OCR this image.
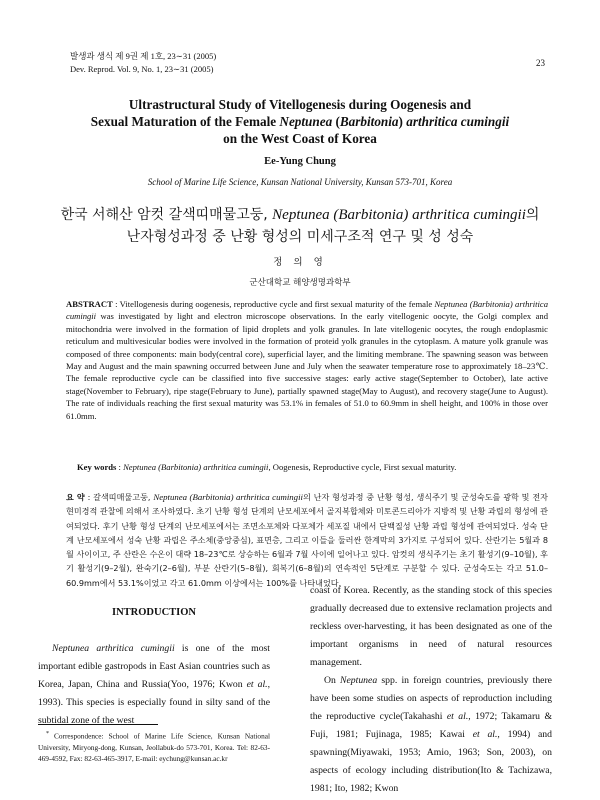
발생과 생식 제 9권 제 1호, 23∼31 (2005)
Dev. Reprod. Vol. 9, No. 1, 23∼31 (2005)
23
Ultrastructural Study of Vitellogenesis during Oogenesis and
Sexual Maturation of the Female Neptunea (Barbitonia) arthritica cumingii
on the West Coast of Korea
Ee-Yung Chung
School of Marine Life Science, Kunsan National University, Kunsan 573-701, Korea
한국 서해산 암컷 갈색띠매물고둥, Neptunea (Barbitonia) arthritica cumingii의
난자형성과정 중 난황 형성의 미세구조적 연구 및 성 성숙
정 의 영
군산대학교 해양생명과학부
ABSTRACT : Vitellogenesis during oogenesis, reproductive cycle and first sexual maturity of the female Neptunea (Barbitonia) arthritica cumingii was investigated by light and electron microscope observations. In the early vitellogenic oocyte, the Golgi complex and mitochondria were involved in the formation of lipid droplets and yolk granules. In late vitellogenic oocytes, the rough endoplasmic reticulum and multivesicular bodies were involved in the formation of proteid yolk granules in the cytoplasm. A mature yolk granule was composed of three components: main body(central core), superficial layer, and the limiting membrane. The spawning season was between May and August and the main spawning occurred between June and July when the seawater temperature rose to approximately 18–23℃. The female reproductive cycle can be classified into five successive stages: early active stage(September to October), late active stage(November to February), ripe stage(February to June), partially spawned stage(May to August), and recovery stage(June to August). The rate of individuals reaching the first sexual maturity was 53.1% in females of 51.0 to 60.9mm in shell height, and 100% in those over 61.0mm.
Key words : Neptunea (Barbitonia) arthritica cumingii, Oogenesis, Reproductive cycle, First sexual maturity.
요 약 : 갈색띠매물고둥, Neptunea (Barbitonia) arthritica cumingii의 난자 형성과정 중 난황 형성, 생식주기 및 군성숙도를 광학 및 전자현미경적 관찰에 의해서 조사하였다. 초기 난황 형성 단계의 난모세포에서 골지복합체와 미토콘드리아가 지방적 및 난황 과립의 형성에 관여되었다. 후기 난황 형성 단계의 난모세포에서는 조면소포체와 다포체가 세포질 내에서 단백질성 난황 과립 형성에 관여되었다. 성숙 단계 난모세포에서 성숙 난황 과립은 주소체(중앙중심), 표면층, 그리고 이들을 둘러싼 한계막의 3가지로 구성되어 있다. 산란기는 5월과 8월 사이이고, 주 산란은 수온이 대략 18–23℃로 상승하는 6월과 7월 사이에 일어나고 있다. 암컷의 생식주기는 초기 활성기(9–10월), 후기 활성기(9–2월), 완숙기(2–6월), 부분 산란기(5–8월), 회복기(6–8월)의 연속적인 5단계로 구분할 수 있다. 군성숙도는 각고 51.0–60.9mm에서 53.1%이었고 각고 61.0mm 이상에서는 100%를 나타내었다.
INTRODUCTION
Neptunea arthritica cumingii is one of the most important edible gastropods in East Asian countries such as Korea, Japan, China and Russia(Yoo, 1976; Kwon et al., 1993). This species is especially found in silty sand of the subtidal zone of the west
coast of Korea. Recently, as the standing stock of this species gradually decreased due to extensive reclamation projects and reckless over-harvesting, it has been designated as one of the important organisms in need of natural resources management.
On Neptunea spp. in foreign countries, previously there have been some studies on aspects of reproduction including the reproductive cycle(Takahashi et al., 1972; Takamaru & Fuji, 1981; Fujinaga, 1985; Kawai et al., 1994) and spawning(Miyawaki, 1953; Amio, 1963; Son, 2003), on aspects of ecology including distribution(Ito & Tachizawa, 1981; Ito, 1982; Kwon
* Correspondence: School of Marine Life Science, Kunsan National University, Miryong-dong, Kunsan, Jeollabuk-do 573-701, Korea. Tel: 82-63-469-4592, Fax: 82-63-465-3917, E-mail: eychung@kunsan.ac.kr
